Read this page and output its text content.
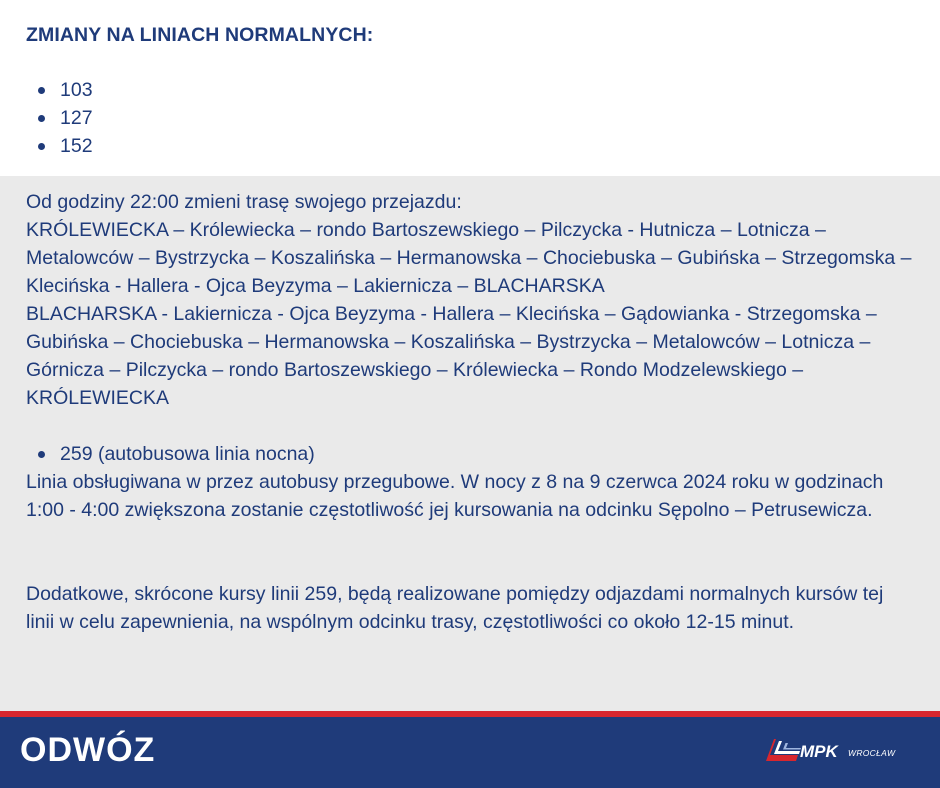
ZMIANY NA LINIACH NORMALNYCH:
103
127
152

Od godziny 22:00 zmieni trasę swojego przejazdu:

KRÓLEWIECKA – Królewiecka – rondo Bartoszewskiego – Pilczycka - Hutnicza – Lotnicza – Metalowców – Bystrzycka – Koszalińska – Hermanowska – Chociebuska – Gubińska – Strzegomska – Klecińska - Hallera - Ojca Beyzyma – Lakiernicza – BLACHARSKA

BLACHARSKA - Lakiernicza - Ojca Beyzyma - Hallera – Klecińska – Gądowianka - Strzegomska – Gubińska – Chociebuska – Hermanowska – Koszalińska – Bystrzycka – Metalowców – Lotnicza – Górnicza – Pilczycka – rondo Bartoszewskiego – Królewiecka – Rondo Modzelewskiego – KRÓLEWIECKA

259 (autobusowa linia nocna)

Linia obsługiwana w przez autobusy przegubowe. W nocy z 8 na 9 czerwca 2024 roku w godzinach 1:00 - 4:00 zwiększona zostanie częstotliwość jej kursowania na odcinku Sępolno – Petrusewicza.

Dodatkowe, skrócone kursy linii 259, będą realizowane pomiędzy odjazdami normalnych kursów tej linii w celu zapewnienia, na wspólnym odcinku trasy, częstotliwości co około 12-15 minut.

ODWÓZ	MPK WROCŁAW
